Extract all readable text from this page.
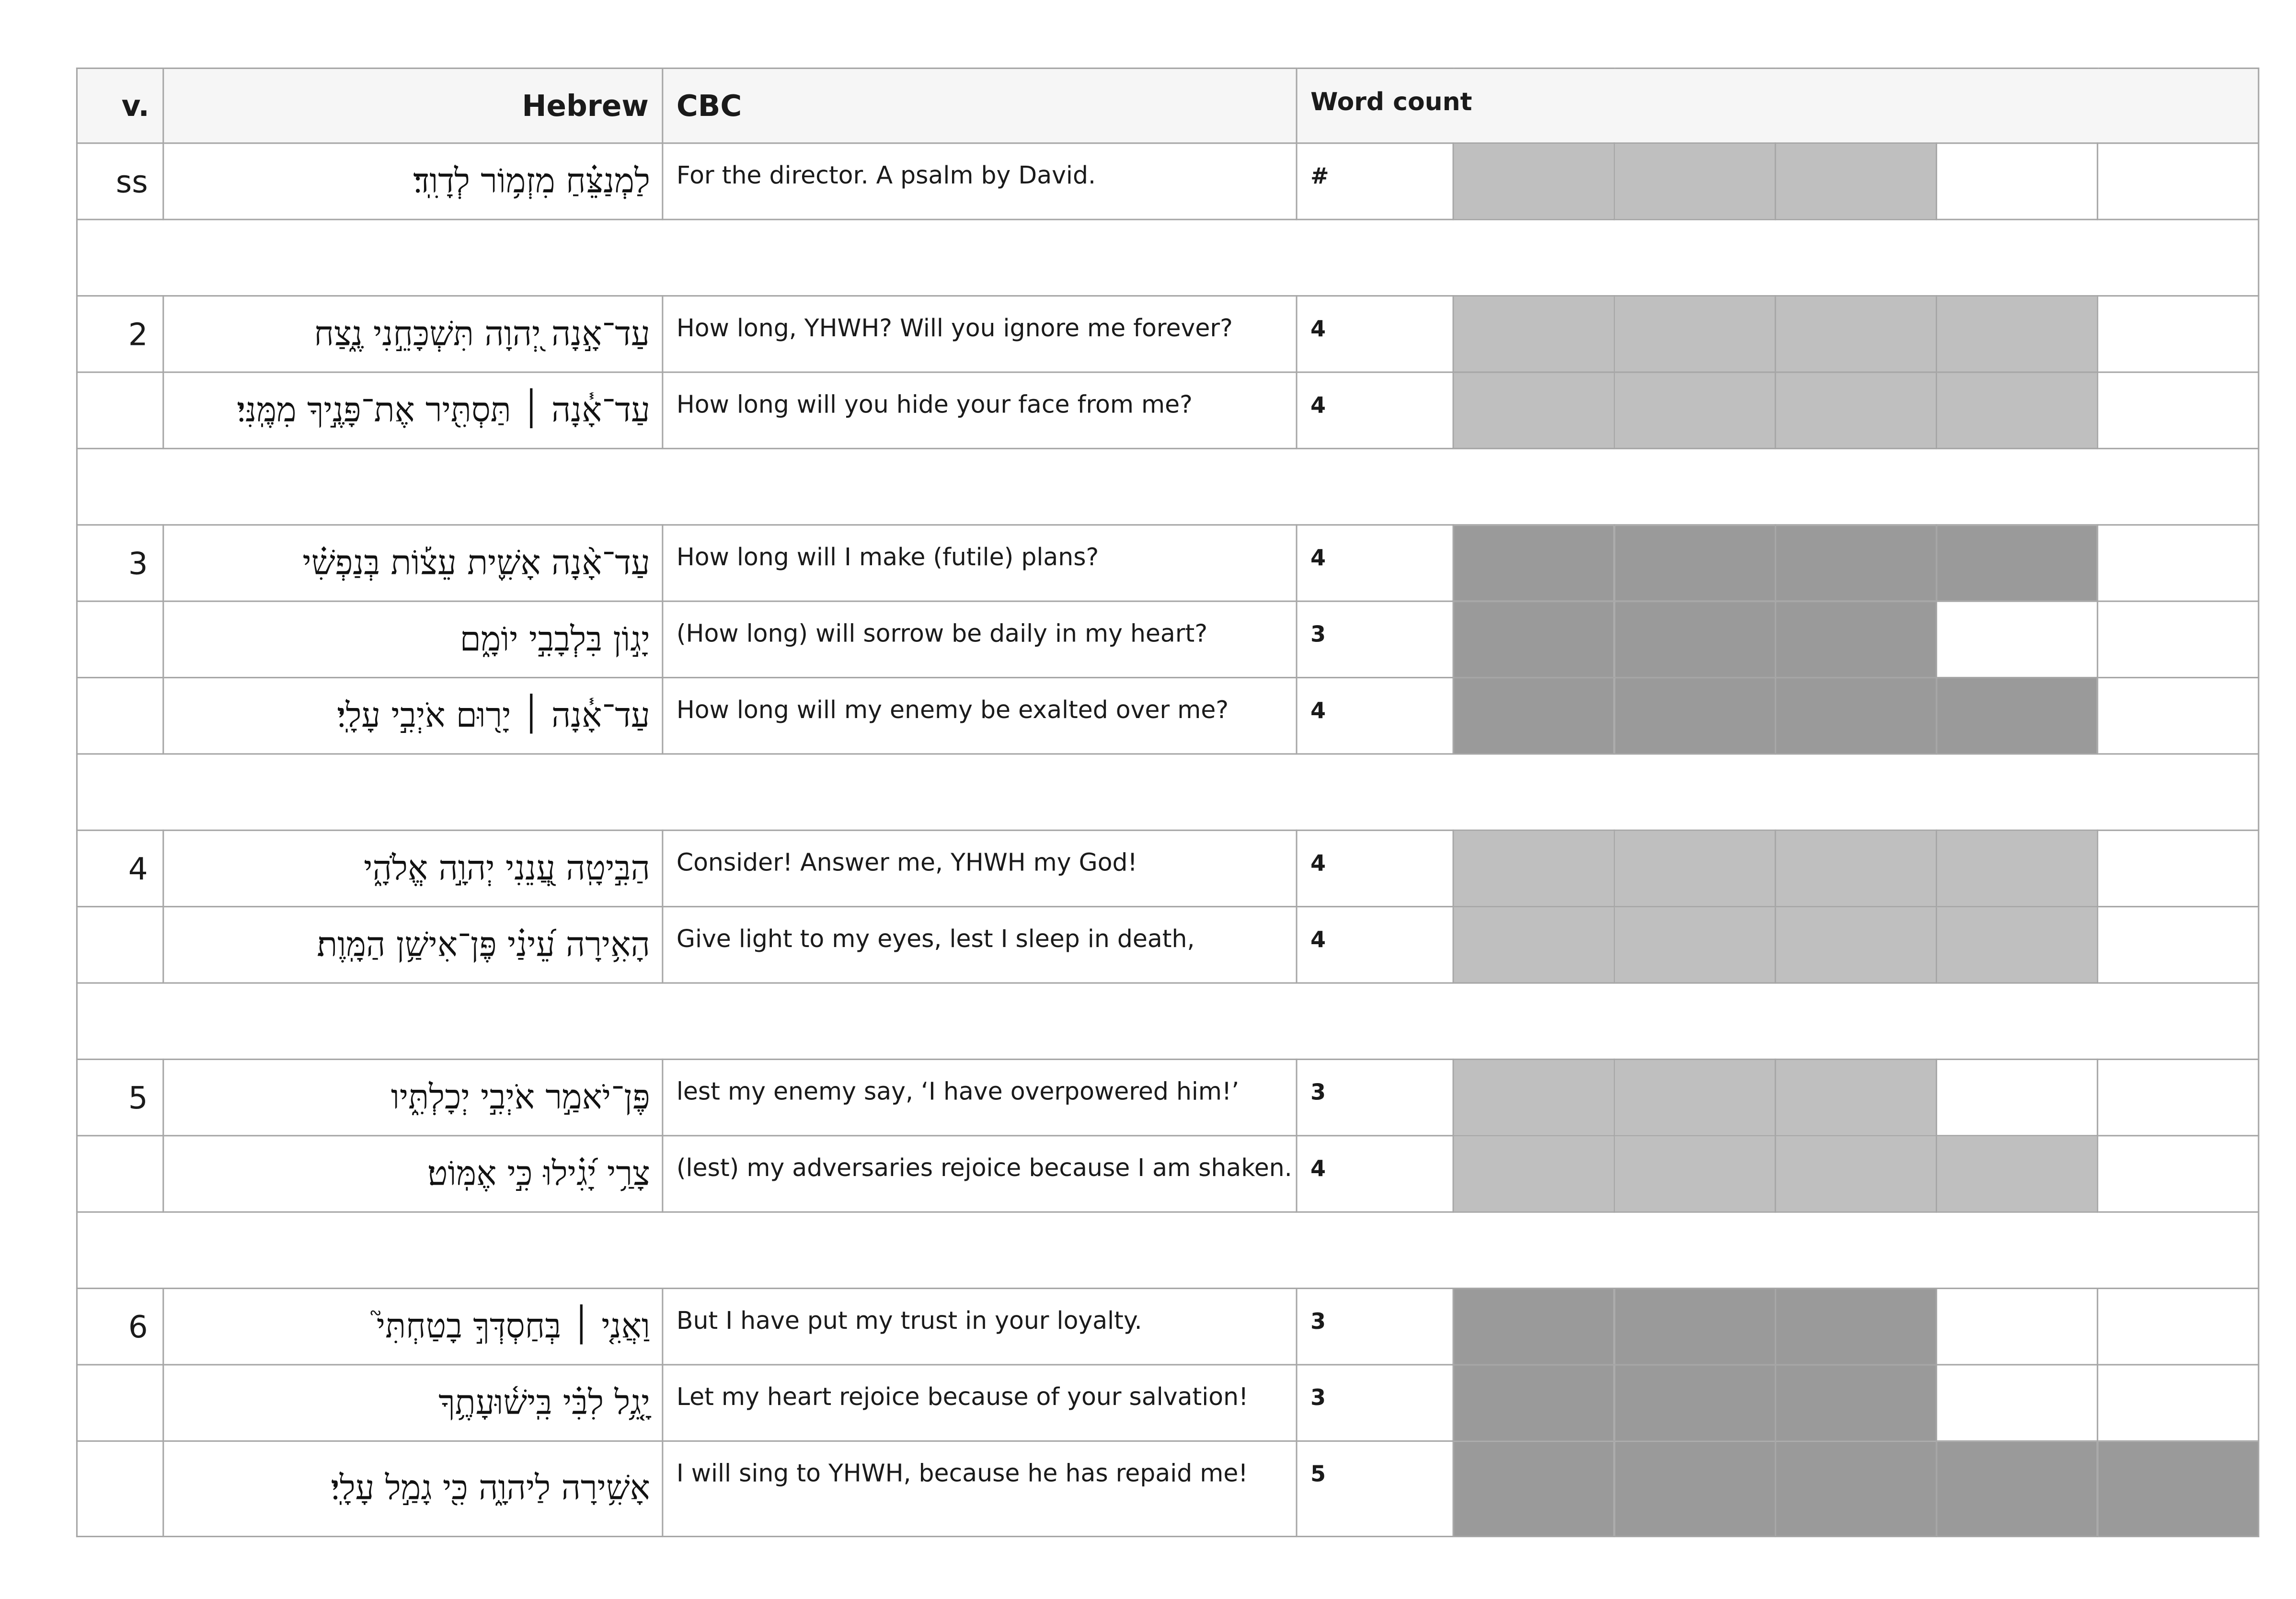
v.	Hebrew	CBC	Word count					
ss	לַמְנַצֵּ֗חַ מִזְמ֥וֹר לְדָוִֽד׃	For the director. A psalm by David.	#					

2	עַד־אָ֣נָה יְ֭הוָה תִּשְׁכָּחֵ֣נִי נֶ֑צַח	How long, YHWH? Will you ignore me forever?	4					
	עַד־אָ֓נָה ׀ תַּסְתִּ֖יר אֶת־פָּנֶ֣יךָ מִמֶּֽנִּי׃	How long will you hide your face from me?	4					

3	עַד־אָ֨נָה אָשִׁ֪ית עֵצ֡וֹת בְּנַפְשִׁ֗י	How long will I make (futile) plans?	4					
	יָג֣וֹן בִּלְבָבִ֣י יוֹמָ֑ם	(How long) will sorrow be daily in my heart?	3					
	עַד־אָ֓נָה ׀ יָר֖וּם אֹיְבִ֣י עָלָֽי׃	How long will my enemy be exalted over me?	4					

4	הַבִּ֣יטָֽה עֲ֭נֵנִי יְהוָ֣ה אֱלֹהָ֑י	Consider! Answer me, YHWH my God!	4					
	הָאִ֥ירָה עֵ֝ינַ֗י פֶּן־אִישַׁ֥ן הַמָּֽוֶת׃	Give light to my eyes, lest I sleep in death,	4					

5	פֶּן־יֹאמַ֣ר אֹיְבִ֣י יְכָלְתִּ֑יו	lest my enemy say, ‘I have overpowered him!’	3					
	צָרַ֥י יָ֝גִ֗ילוּ כִּ֣י אֶמּֽוֹט׃	(lest) my adversaries rejoice because I am shaken.	4					

6	וַאֲנִ֤י ׀ בְּחַסְדְּךָ֣ בָטַחְתִּי֮	But I have put my trust in your loyalty.	3					
	יָ֤גֵ֥ל לִבִּ֗י בִּֽישׁ֫וּעָתֶ֥ךָ	Let my heart rejoice because of your salvation!	3					
	אָשִׁ֥ירָה לַיהוָ֑ה כִּ֖י גָמַ֣ל עָלָֽי׃	I will sing to YHWH, because he has repaid me!	5					
